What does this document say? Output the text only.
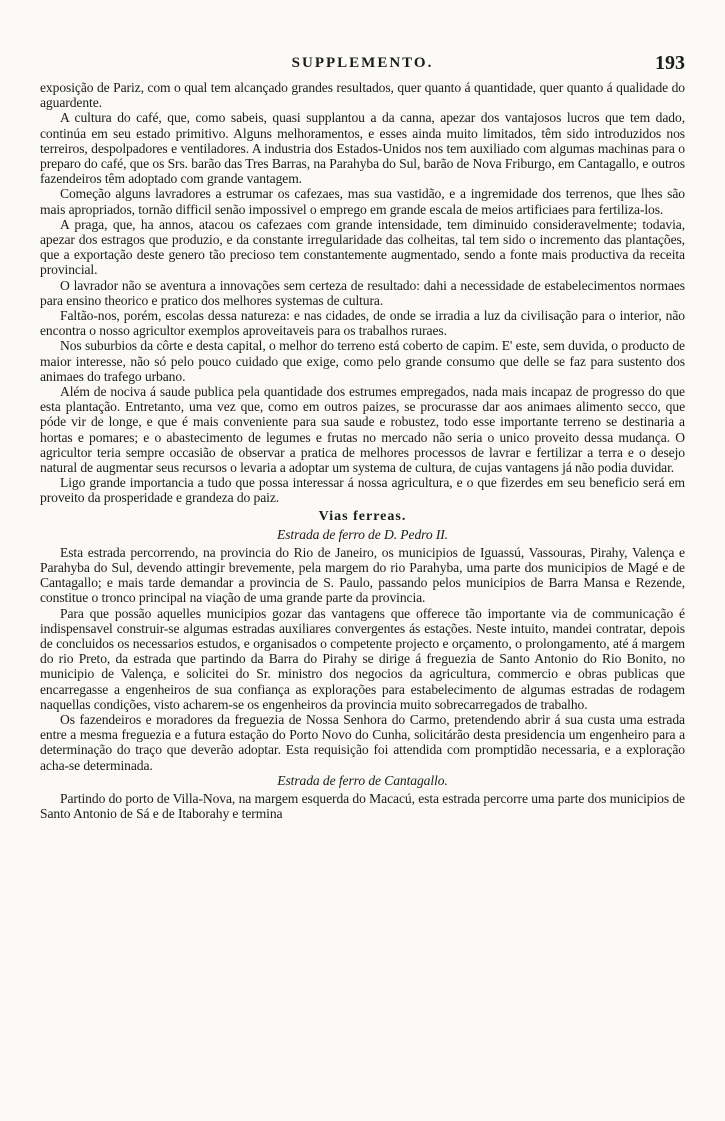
SUPPLEMENTO.	193

exposição de Pariz, com o qual tem alcançado grandes resultados, quer quanto á quantidade, quer quanto á qualidade do aguardente.

A cultura do café, que, como sabeis, quasi supplantou a da canna, apezar dos vantajosos lucros que tem dado, continúa em seu estado primitivo. Alguns melhoramentos, e esses ainda muito limitados, têm sido introduzidos nos terreiros, despolpadores e ventiladores. A industria dos Estados-Unidos nos tem auxiliado com algumas machinas para o preparo do café, que os Srs. barão das Tres Barras, na Parahyba do Sul, barão de Nova Friburgo, em Cantagallo, e outros fazendeiros têm adoptado com grande vantagem.

Começão alguns lavradores a estrumar os cafezaes, mas sua vastidão, e a ingremidade dos terrenos, que lhes são mais apropriados, tornão difficil senão impossivel o emprego em grande escala de meios artificiaes para fertiliza-los.

A praga, que, ha annos, atacou os cafezaes com grande intensidade, tem diminuido consideravelmente; todavia, apezar dos estragos que produzio, e da constante irregularidade das colheitas, tal tem sido o incremento das plantações, que a exportação deste genero tão precioso tem constantemente augmentado, sendo a fonte mais productiva da receita provincial.

O lavrador não se aventura a innovações sem certeza de resultado: dahi a necessidade de estabelecimentos normaes para ensino theorico e pratico dos melhores systemas de cultura.

Faltão-nos, porém, escolas dessa natureza: e nas cidades, de onde se irradia a luz da civilisação para o interior, não encontra o nosso agricultor exemplos aproveitaveis para os trabalhos ruraes.

Nos suburbios da côrte e desta capital, o melhor do terreno está coberto de capim. E' este, sem duvida, o producto de maior interesse, não só pelo pouco cuidado que exige, como pelo grande consumo que delle se faz para sustento dos animaes do trafego urbano.

Além de nociva á saude publica pela quantidade dos estrumes empregados, nada mais incapaz de progresso do que esta plantação. Entretanto, uma vez que, como em outros paizes, se procurasse dar aos animaes alimento secco, que póde vir de longe, e que é mais conveniente para sua saude e robustez, todo esse importante terreno se destinaria a hortas e pomares; e o abastecimento de legumes e frutas no mercado não seria o unico proveito dessa mudança. O agricultor teria sempre occasião de observar a pratica de melhores processos de lavrar e fertilizar a terra e o desejo natural de augmentar seus recursos o levaria a adoptar um systema de cultura, de cujas vantagens já não podia duvidar.

Ligo grande importancia a tudo que possa interessar á nossa agricultura, e o que fizerdes em seu beneficio será em proveito da prosperidade e grandeza do paiz.

Vias ferreas.
Estrada de ferro de D. Pedro II.

Esta estrada percorrendo, na provincia do Rio de Janeiro, os municipios de Iguassú, Vassouras, Pirahy, Valença e Parahyba do Sul, devendo attingir brevemente, pela margem do rio Parahyba, uma parte dos municipios de Magé e de Cantagallo; e mais tarde demandar a provincia de S. Paulo, passando pelos municipios de Barra Mansa e Rezende, constitue o tronco principal na viação de uma grande parte da provincia.

Para que possão aquelles municipios gozar das vantagens que offerece tão importante via de communicação é indispensavel construir-se algumas estradas auxiliares convergentes ás estações. Neste intuito, mandei contratar, depois de concluidos os necessarios estudos, e organisados o competente projecto e orçamento, o prolongamento, até á margem do rio Preto, da estrada que partindo da Barra do Pirahy se dirige á freguezia de Santo Antonio do Rio Bonito, no municipio de Valença, e solicitei do Sr. ministro dos negocios da agricultura, commercio e obras publicas que encarregasse a engenheiros de sua confiança as explorações para estabelecimento de algumas estradas de rodagem naquellas condições, visto acharem-se os engenheiros da provincia muito sobrecarregados de trabalho.

Os fazendeiros e moradores da freguezia de Nossa Senhora do Carmo, pretendendo abrir á sua custa uma estrada entre a mesma freguezia e a futura estação do Porto Novo do Cunha, solicitárão desta presidencia um engenheiro para a determinação do traço que deverão adoptar. Esta requisição foi attendida com promptidão necessaria, e a exploração acha-se determinada.

Estrada de ferro de Cantagallo.

Partindo do porto de Villa-Nova, na margem esquerda do Macacú, esta estrada percorre uma parte dos municipios de Santo Antonio de Sá e de Itaborahy e termina
